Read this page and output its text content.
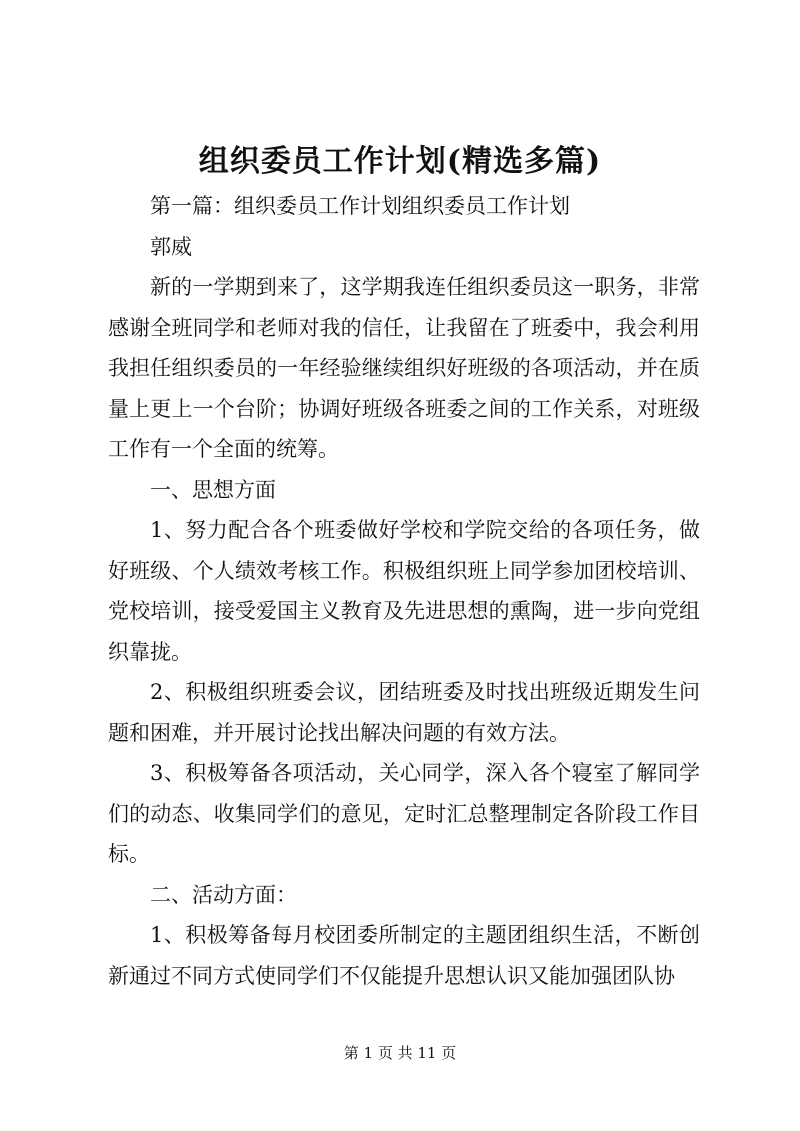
组织委员工作计划(精选多篇)

第一篇：组织委员工作计划组织委员工作计划

郭威

新的一学期到来了，这学期我连任组织委员这一职务，非常感谢全班同学和老师对我的信任，让我留在了班委中，我会利用我担任组织委员的一年经验继续组织好班级的各项活动，并在质量上更上一个台阶；协调好班级各班委之间的工作关系，对班级工作有一个全面的统筹。

一、思想方面

1、努力配合各个班委做好学校和学院交给的各项任务，做好班级、个人绩效考核工作。积极组织班上同学参加团校培训、党校培训，接受爱国主义教育及先进思想的熏陶，进一步向党组织靠拢。

2、积极组织班委会议，团结班委及时找出班级近期发生问题和困难，并开展讨论找出解决问题的有效方法。

3、积极筹备各项活动，关心同学，深入各个寝室了解同学们的动态、收集同学们的意见，定时汇总整理制定各阶段工作目标。

二、活动方面：

1、积极筹备每月校团委所制定的主题团组织生活，不断创新通过不同方式使同学们不仅能提升思想认识又能加强团队协

第 1 页 共 11 页
